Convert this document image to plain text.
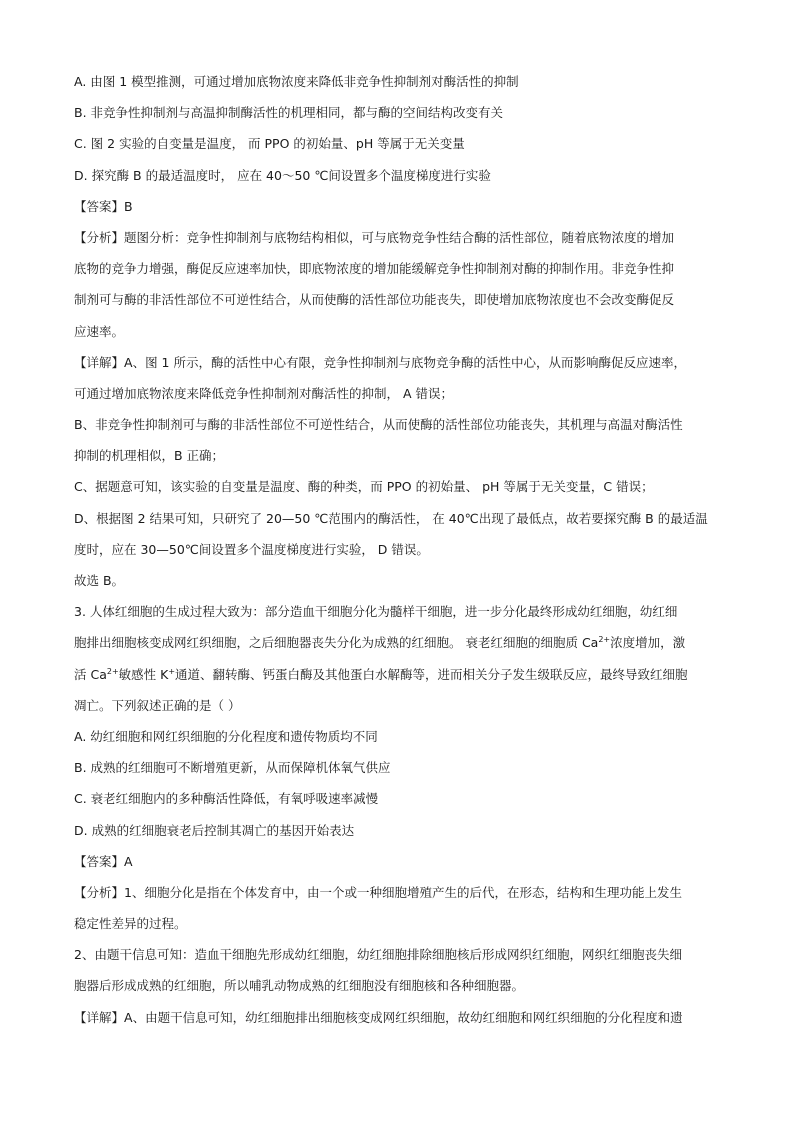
A. 由图 1 模型推测，可通过增加底物浓度来降低非竞争性抑制剂对酶活性的抑制
B. 非竞争性抑制剂与高温抑制酶活性的机理相同，都与酶的空间结构改变有关
C. 图 2 实验的自变量是温度， 而 PPO 的初始量、pH 等属于无关变量
D. 探究酶 B 的最适温度时， 应在 40～50 ℃间设置多个温度梯度进行实验
【答案】B
【分析】题图分析：竞争性抑制剂与底物结构相似，可与底物竞争性结合酶的活性部位，随着底物浓度的增加
底物的竞争力增强，酶促反应速率加快，即底物浓度的增加能缓解竞争性抑制剂对酶的抑制作用。非竞争性抑
制剂可与酶的非活性部位不可逆性结合，从而使酶的活性部位功能丧失，即使增加底物浓度也不会改变酶促反
应速率。
【详解】A、图 1 所示，酶的活性中心有限，竞争性抑制剂与底物竞争酶的活性中心，从而影响酶促反应速率，
可通过增加底物浓度来降低竞争性抑制剂对酶活性的抑制， A 错误；
B、非竞争性抑制剂可与酶的非活性部位不可逆性结合，从而使酶的活性部位功能丧失，其机理与高温对酶活性
抑制的机理相似，B 正确；
C、据题意可知，该实验的自变量是温度、酶的种类，而 PPO 的初始量、 pH 等属于无关变量，C 错误；
D、根据图 2 结果可知，只研究了 20—50 ℃范围内的酶活性， 在 40℃出现了最低点，故若要探究酶 B 的最适温
度时，应在 30—50℃间设置多个温度梯度进行实验， D 错误。
故选 B。
3. 人体红细胞的生成过程大致为：部分造血干细胞分化为髓样干细胞，进一步分化最终形成幼红细胞，幼红细
胞排出细胞核变成网红织细胞，之后细胞器丧失分化为成熟的红细胞。 衰老红细胞的细胞质 $Ca^{2+}$浓度增加，激
活 $Ca^{2+}$敏感性 K+通道、翻转酶、钙蛋白酶及其他蛋白水解酶等，进而相关分子发生级联反应，最终导致红细胞
凋亡。下列叙述正确的是（ ）
A. 幼红细胞和网红织细胞的分化程度和遗传物质均不同
B. 成熟的红细胞可不断增殖更新，从而保障机体氧气供应
C. 衰老红细胞内的多种酶活性降低，有氧呼吸速率减慢
D. 成熟的红细胞衰老后控制其凋亡的基因开始表达
【答案】A
【分析】1、细胞分化是指在个体发育中，由一个或一种细胞增殖产生的后代，在形态，结构和生理功能上发生
稳定性差异的过程。
2、由题干信息可知：造血干细胞先形成幼红细胞，幼红细胞排除细胞核后形成网织红细胞，网织红细胞丧失细
胞器后形成成熟的红细胞，所以哺乳动物成熟的红细胞没有细胞核和各种细胞器。
【详解】A、由题干信息可知，幼红细胞排出细胞核变成网红织细胞，故幼红细胞和网红织细胞的分化程度和遗
